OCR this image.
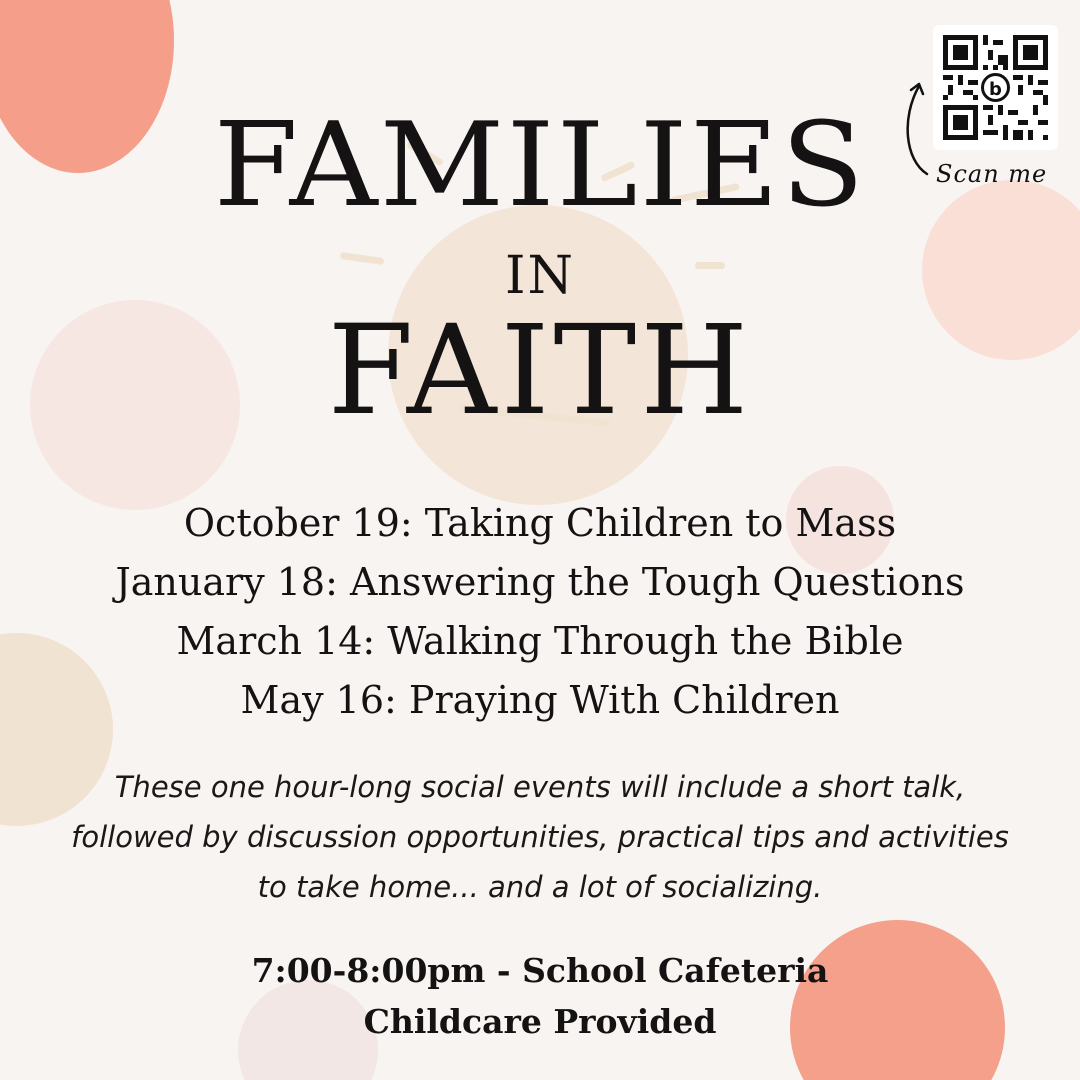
FAMILIES
IN
FAITH
October 19: Taking Children to Mass
January 18: Answering the Tough Questions
March 14: Walking Through the Bible
May 16: Praying With Children
These one hour-long social events will include a short talk, followed by discussion opportunities, practical tips and activities to take home... and a lot of socializing.
7:00-8:00pm - School Cafeteria
Childcare Provided
b
Scan me
